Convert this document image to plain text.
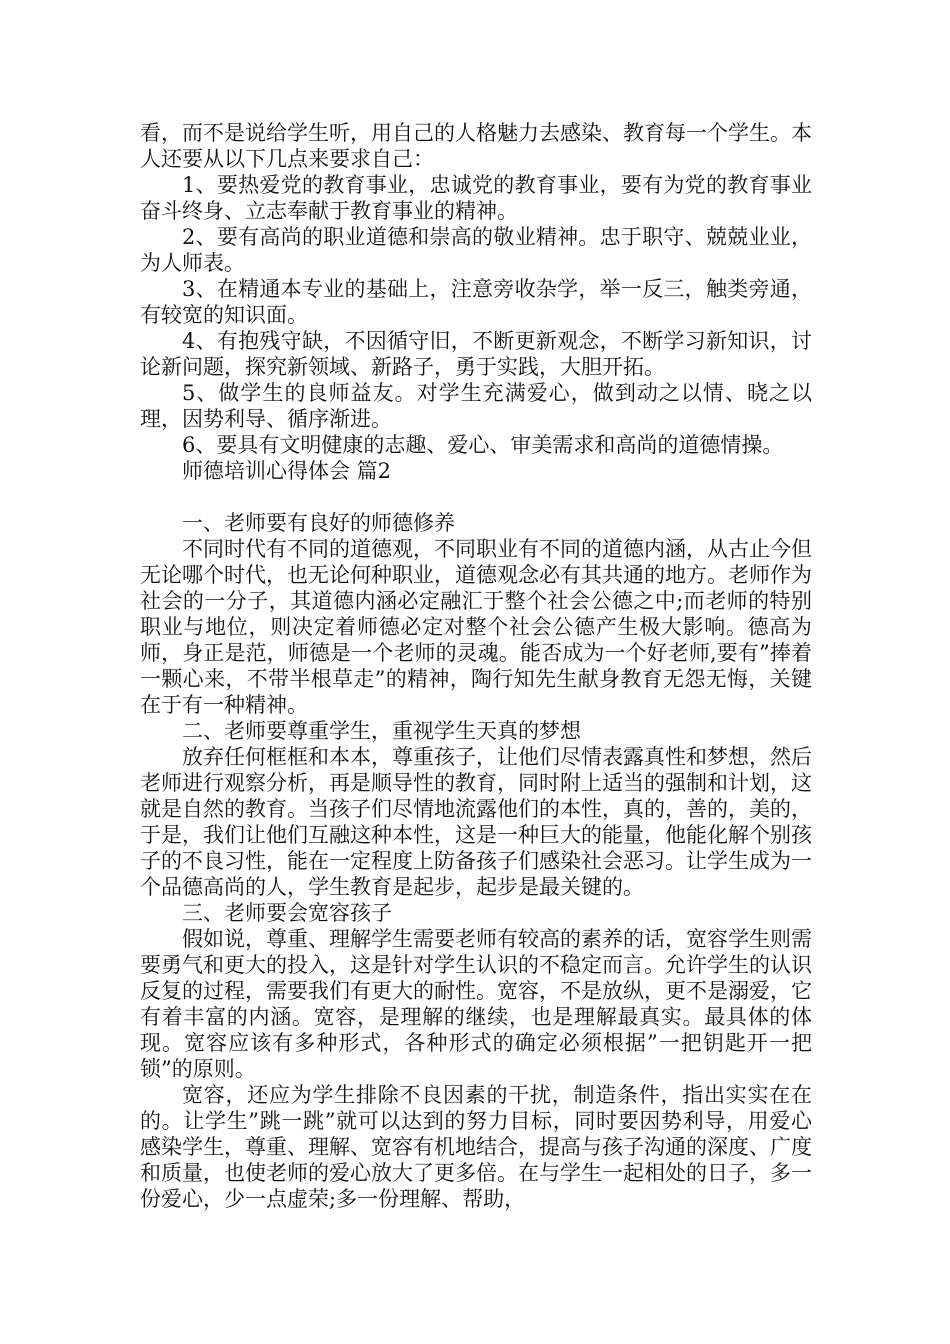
看，而不是说给学生听，用自己的人格魅力去感染、教育每一个学生。本人还要从以下几点来要求自己：

1、要热爱党的教育事业，忠诚党的教育事业，要有为党的教育事业奋斗终身、立志奉献于教育事业的精神。

2、要有高尚的职业道德和崇高的敬业精神。忠于职守、兢兢业业，为人师表。

3、在精通本专业的基础上，注意旁收杂学，举一反三，触类旁通，有较宽的知识面。

4、有抱残守缺，不因循守旧，不断更新观念，不断学习新知识，讨论新问题，探究新领域、新路子，勇于实践，大胆开拓。

5、做学生的良师益友。对学生充满爱心，做到动之以情、晓之以理，因势利导、循序渐进。

6、要具有文明健康的志趣、爱心、审美需求和高尚的道德情操。

师德培训心得体会 篇2

一、老师要有良好的师德修养

不同时代有不同的道德观，不同职业有不同的道德内涵，从古止今但无论哪个时代，也无论何种职业，道德观念必有其共通的地方。老师作为社会的一分子，其道德内涵必定融汇于整个社会公德之中;而老师的特别职业与地位，则决定着师德必定对整个社会公德产生极大影响。德高为师，身正是范，师德是一个老师的灵魂。能否成为一个好老师,要有”捧着一颗心来，不带半根草走”的精神，陶行知先生献身教育无怨无悔，关键在于有一种精神。

二、老师要尊重学生，重视学生天真的梦想

放弃任何框框和本本，尊重孩子，让他们尽情表露真性和梦想，然后老师进行观察分析，再是顺导性的教育，同时附上适当的强制和计划，这就是自然的教育。当孩子们尽情地流露他们的本性，真的，善的，美的，于是，我们让他们互融这种本性，这是一种巨大的能量，他能化解个别孩子的不良习性，能在一定程度上防备孩子们感染社会恶习。让学生成为一个品德高尚的人，学生教育是起步，起步是最关键的。

三、老师要会宽容孩子

假如说，尊重、理解学生需要老师有较高的素养的话，宽容学生则需要勇气和更大的投入，这是针对学生认识的不稳定而言。允许学生的认识反复的过程，需要我们有更大的耐性。宽容，不是放纵，更不是溺爱，它有着丰富的内涵。宽容，是理解的继续，也是理解最真实。最具体的体现。宽容应该有多种形式，各种形式的确定必须根据”一把钥匙开一把锁”的原则。

宽容，还应为学生排除不良因素的干扰，制造条件，指出实实在在的。让学生”跳一跳”就可以达到的努力目标，同时要因势利导，用爱心感染学生，尊重、理解、宽容有机地结合，提高与孩子沟通的深度、广度和质量，也使老师的爱心放大了更多倍。在与学生一起相处的日子，多一份爱心，少一点虚荣;多一份理解、帮助，
